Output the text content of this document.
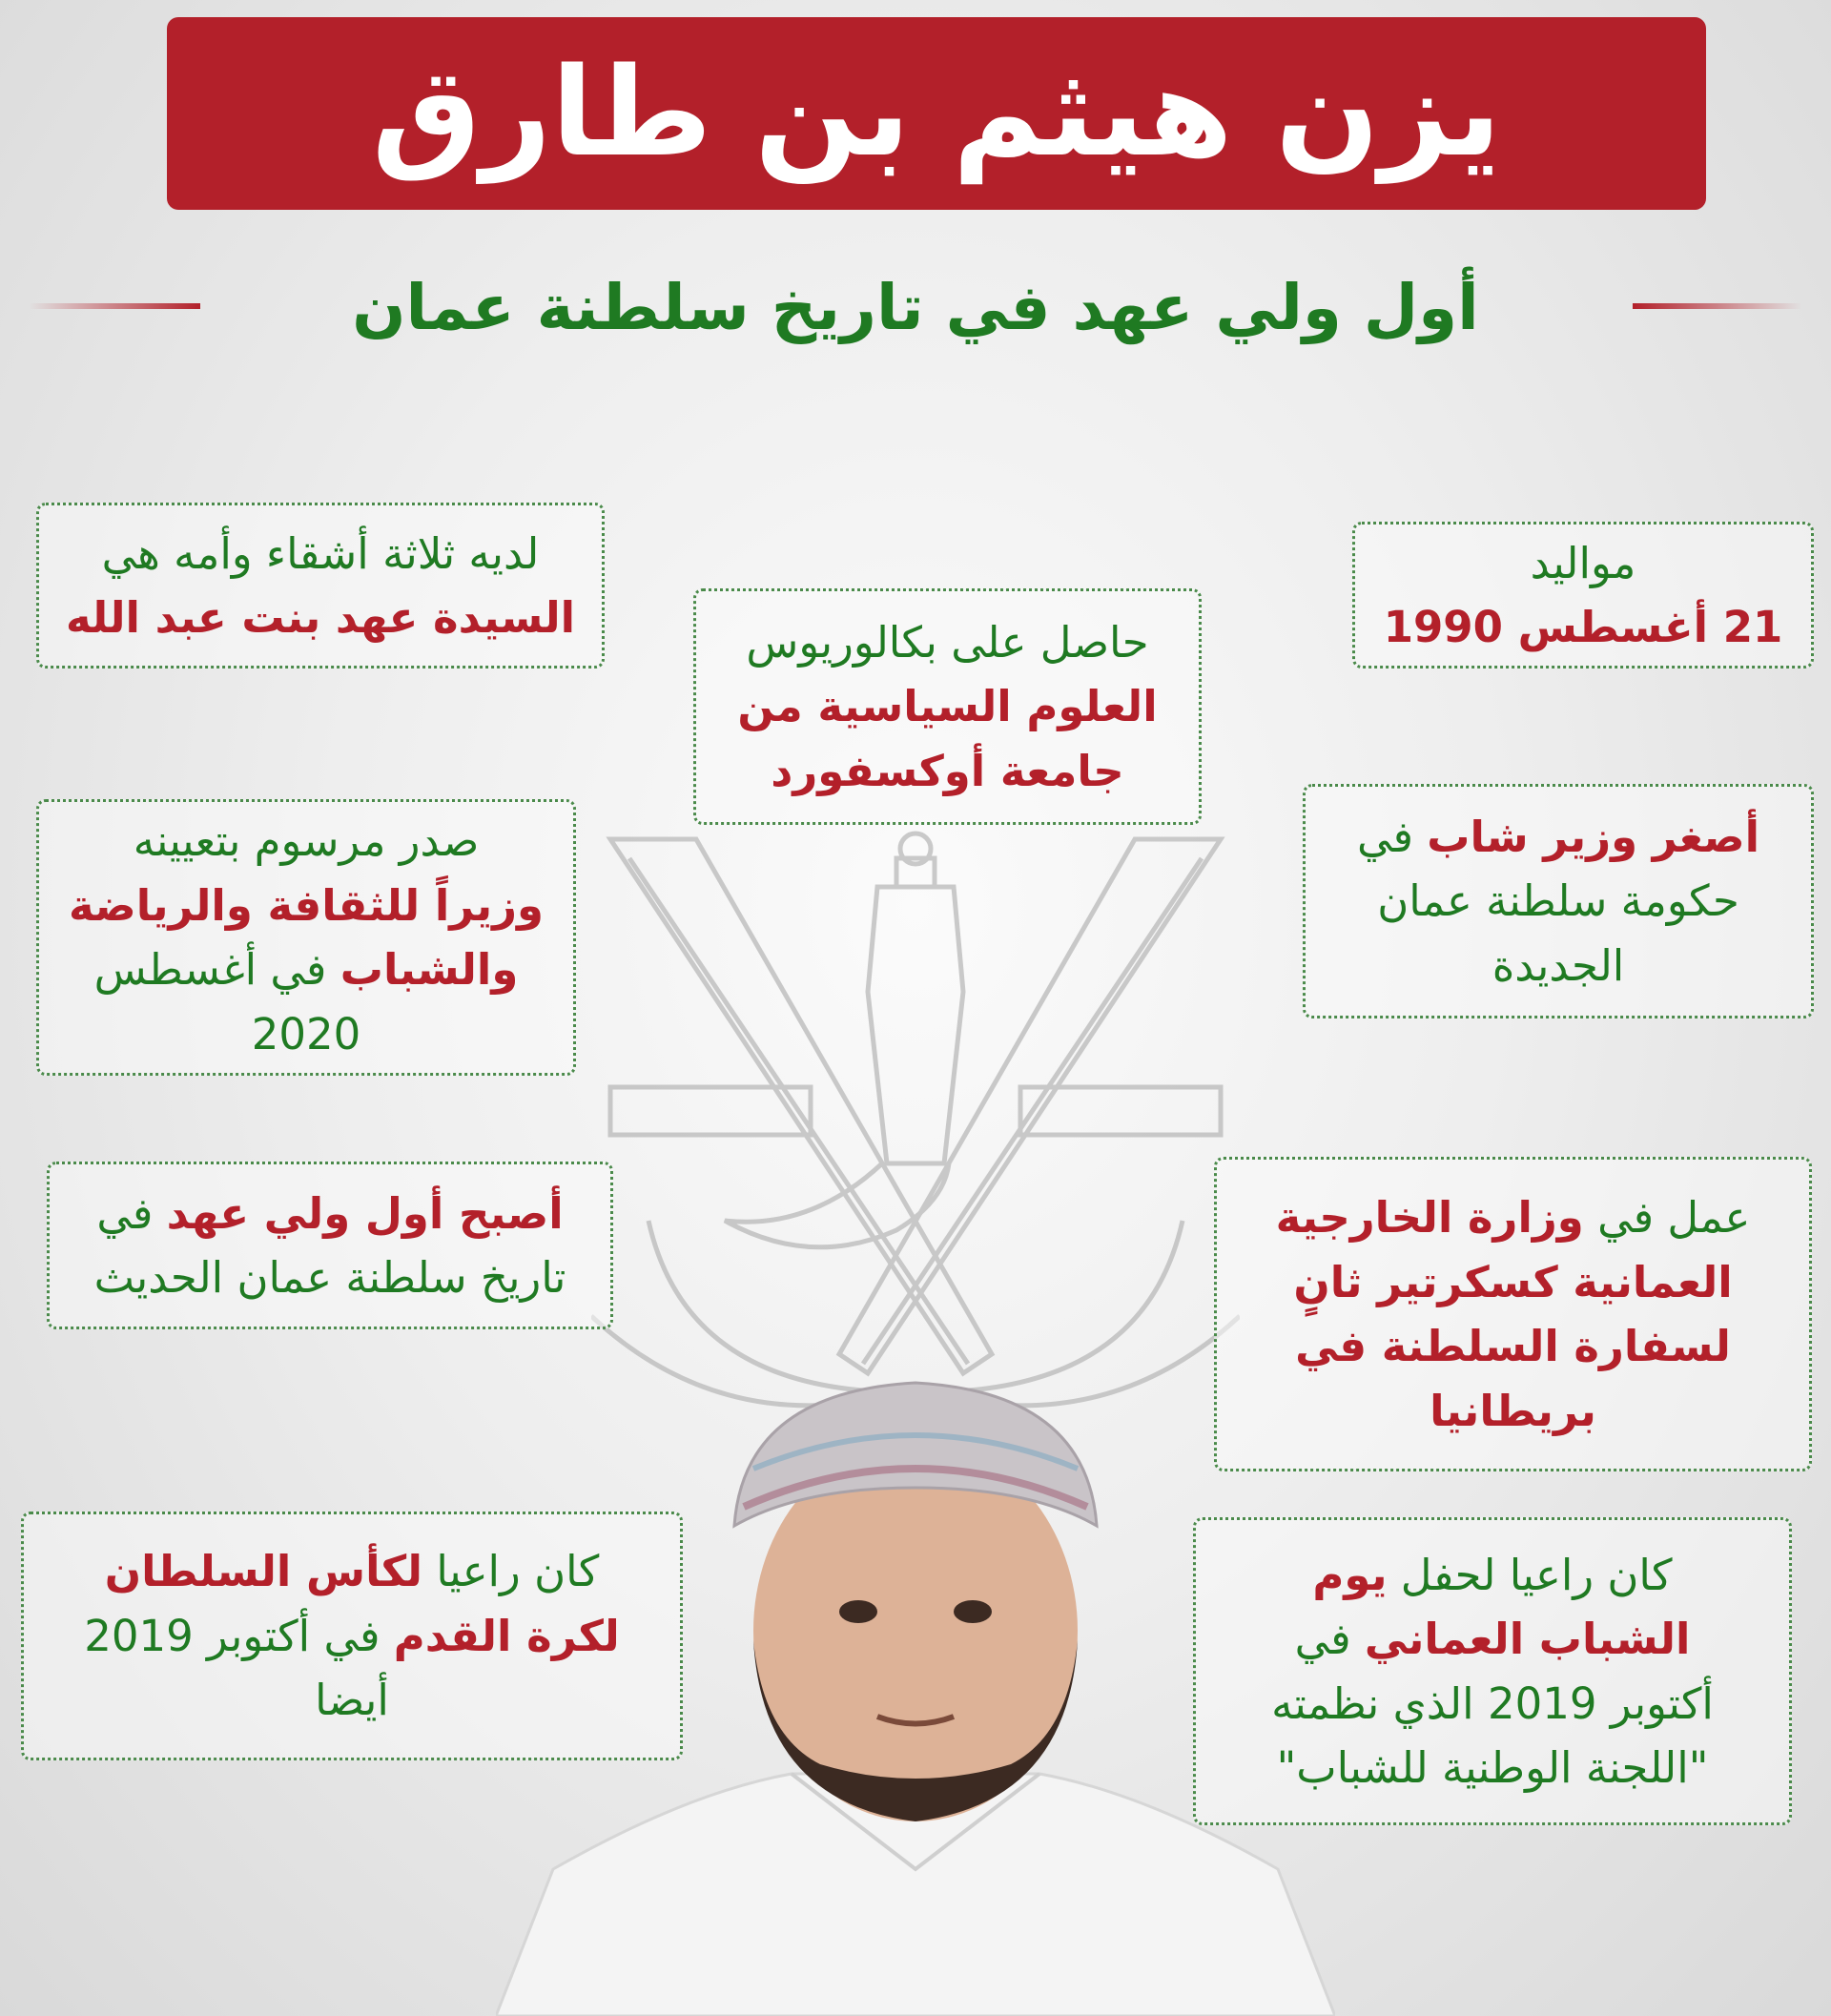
يزن هيثم بن طارق
أول ولي عهد في تاريخ سلطنة عمان

مواليد
21 أغسطس 1990

لديه ثلاثة أشقاء وأمه هي
السيدة عهد بنت عبد الله	حاصل على بكالوريوس
العلوم السياسية من
جامعة أوكسفورد

أصغر وزير شاب في
حكومة سلطنة عمان
الجديدة

صدر مرسوم بتعيينه
وزيراً للثقافة والرياضة
والشباب في أغسطس
2020

عمل في وزارة الخارجية
العمانية كسكرتير ثانٍ
لسفارة السلطنة في
بريطانيا

أصبح أول ولي عهد في
تاريخ سلطنة عمان الحديث

كان راعيا لكأس السلطان
لكرة القدم في أكتوبر 2019
أيضا

كان راعيا لحفل يوم
الشباب العماني في
أكتوبر 2019 الذي نظمته
"اللجنة الوطنية للشباب"
